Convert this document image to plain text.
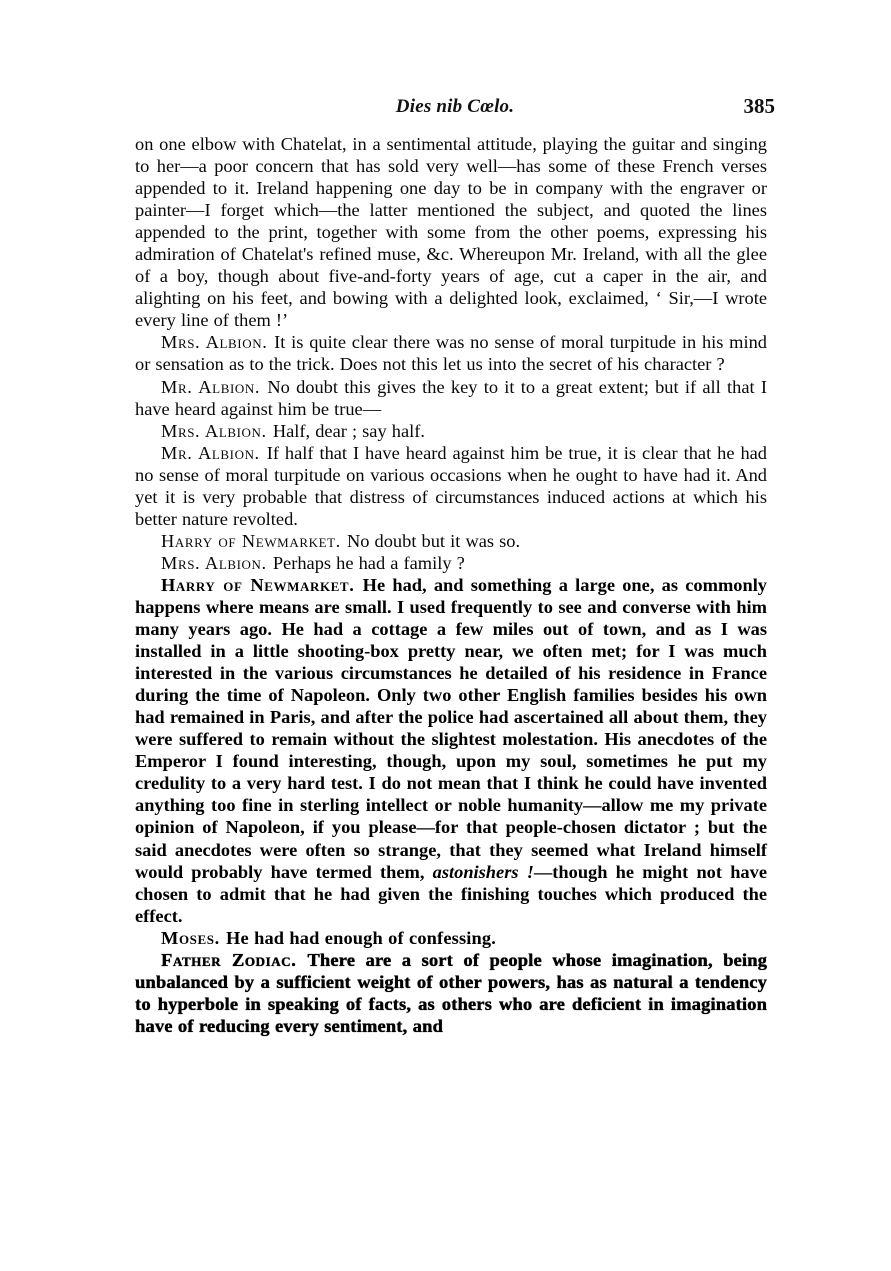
Dies nib Cœlo.	385

on one elbow with Chatelat, in a sentimental attitude, playing the guitar and singing to her—a poor concern that has sold very well—has some of these French verses appended to it. Ireland happening one day to be in company with the engraver or painter—I forget which—the latter mentioned the subject, and quoted the lines appended to the print, together with some from the other poems, expressing his admiration of Chatelat's refined muse, &c. Whereupon Mr. Ireland, with all the glee of a boy, though about five-and-forty years of age, cut a caper in the air, and alighting on his feet, and bowing with a delighted look, exclaimed, ‘ Sir,—I wrote every line of them !’

Mrs. Albion. It is quite clear there was no sense of moral turpitude in his mind or sensation as to the trick. Does not this let us into the secret of his character ?

Mr. Albion. No doubt this gives the key to it to a great extent; but if all that I have heard against him be true—

Mrs. Albion. Half, dear ; say half.

Mr. Albion. If half that I have heard against him be true, it is clear that he had no sense of moral turpitude on various occasions when he ought to have had it. And yet it is very probable that distress of circumstances induced actions at which his better nature revolted.

Harry of Newmarket. No doubt but it was so.

Mrs. Albion. Perhaps he had a family ?

Harry of Newmarket. He had, and something a large one, as commonly happens where means are small. I used frequently to see and converse with him many years ago. He had a cottage a few miles out of town, and as I was installed in a little shooting-box pretty near, we often met; for I was much interested in the various circumstances he detailed of his residence in France during the time of Napoleon. Only two other English families besides his own had remained in Paris, and after the police had ascertained all about them, they were suffered to remain without the slightest molestation. His anecdotes of the Emperor I found interesting, though, upon my soul, sometimes he put my credulity to a very hard test. I do not mean that I think he could have invented anything too fine in sterling intellect or noble humanity—allow me my private opinion of Napoleon, if you please—for that people-chosen dictator ; but the said anecdotes were often so strange, that they seemed what Ireland himself would probably have termed them, astonishers !—though he might not have chosen to admit that he had given the finishing touches which produced the effect.

Moses. He had had enough of confessing.

Father Zodiac. There are a sort of people whose imagination, being unbalanced by a sufficient weight of other powers, has as natural a tendency to hyperbole in speaking of facts, as others who are deficient in imagination have of reducing every sentiment, and
